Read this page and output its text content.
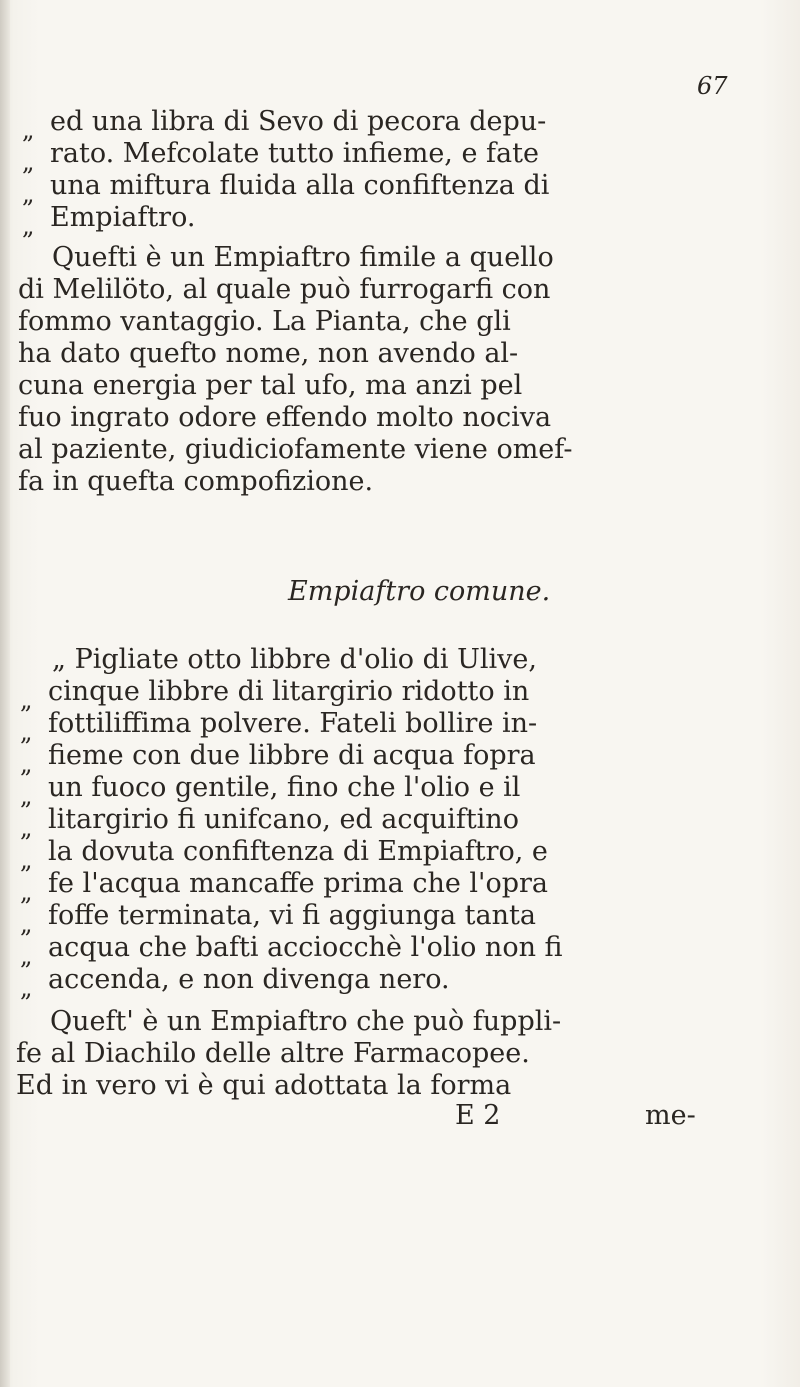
67
„
„
„
„
ed una libra di Sevo di pecora depu-
rato. Mefcolate tutto infieme, e fate
una miftura fluida alla confiftenza di
Empiaftro.
Quefti è un Empiaftro fimile a quello
di Melilöto, al quale può furrogarfi con
fommo vantaggio. La Pianta, che gli
ha dato quefto nome, non avendo al-
cuna energia per tal ufo, ma anzi pel
fuo ingrato odore effendo molto nociva
al paziente, giudiciofamente viene omef-
fa in quefta compofizione.
Empiaftro comune.
„ Pigliate otto libbre d'olio di Ulive,
„
„
„
„
„
„
„
„
„
„
cinque libbre di litargirio ridotto in
fottiliffima polvere. Fateli bollire in-
fieme con due libbre di acqua fopra
un fuoco gentile, fino che l'olio e il
litargirio fi unifcano, ed acquiftino
la dovuta confiftenza di Empiaftro, e
fe l'acqua mancaffe prima che l'opra
foffe terminata, vi fi aggiunga tanta
acqua che bafti acciocchè l'olio non fi
accenda, e non divenga nero.
Queft' è un Empiaftro che può fuppli-
fe al Diachilo delle altre Farmacopee.
Ed in vero vi è qui adottata la forma
E 2	me-
